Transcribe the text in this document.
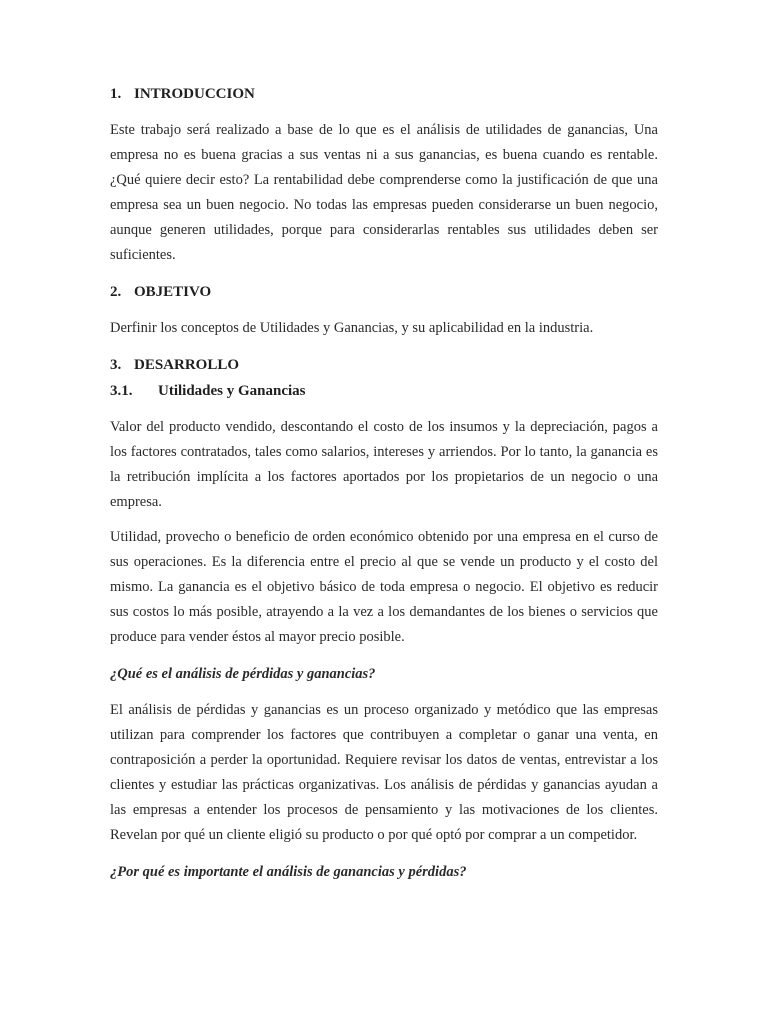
1. INTRODUCCION

Este trabajo será realizado a base de lo que es el análisis de utilidades de ganancias, Una empresa no es buena gracias a sus ventas ni a sus ganancias, es buena cuando es rentable. ¿Qué quiere decir esto? La rentabilidad debe comprenderse como la justificación de que una empresa sea un buen negocio. No todas las empresas pueden considerarse un buen negocio, aunque generen utilidades, porque para considerarlas rentables sus utilidades deben ser suficientes.

2. OBJETIVO

Derfinir los conceptos de Utilidades y Ganancias, y su aplicabilidad en la industria.

3. DESARROLLO
3.1. Utilidades y Ganancias

Valor del producto vendido, descontando el costo de los insumos y la depreciación, pagos a los factores contratados, tales como salarios, intereses y arriendos. Por lo tanto, la ganancia es la retribución implícita a los factores aportados por los propietarios de un negocio o una empresa.

Utilidad, provecho o beneficio de orden económico obtenido por una empresa en el curso de sus operaciones. Es la diferencia entre el precio al que se vende un producto y el costo del mismo. La ganancia es el objetivo básico de toda empresa o negocio. El objetivo es reducir sus costos lo más posible, atrayendo a la vez a los demandantes de los bienes o servicios que produce para vender éstos al mayor precio posible.

¿Qué es el análisis de pérdidas y ganancias?

El análisis de pérdidas y ganancias es un proceso organizado y metódico que las empresas utilizan para comprender los factores que contribuyen a completar o ganar una venta, en contraposición a perder la oportunidad. Requiere revisar los datos de ventas, entrevistar a los clientes y estudiar las prácticas organizativas. Los análisis de pérdidas y ganancias ayudan a las empresas a entender los procesos de pensamiento y las motivaciones de los clientes. Revelan por qué un cliente eligió su producto o por qué optó por comprar a un competidor.

¿Por qué es importante el análisis de ganancias y pérdidas?
